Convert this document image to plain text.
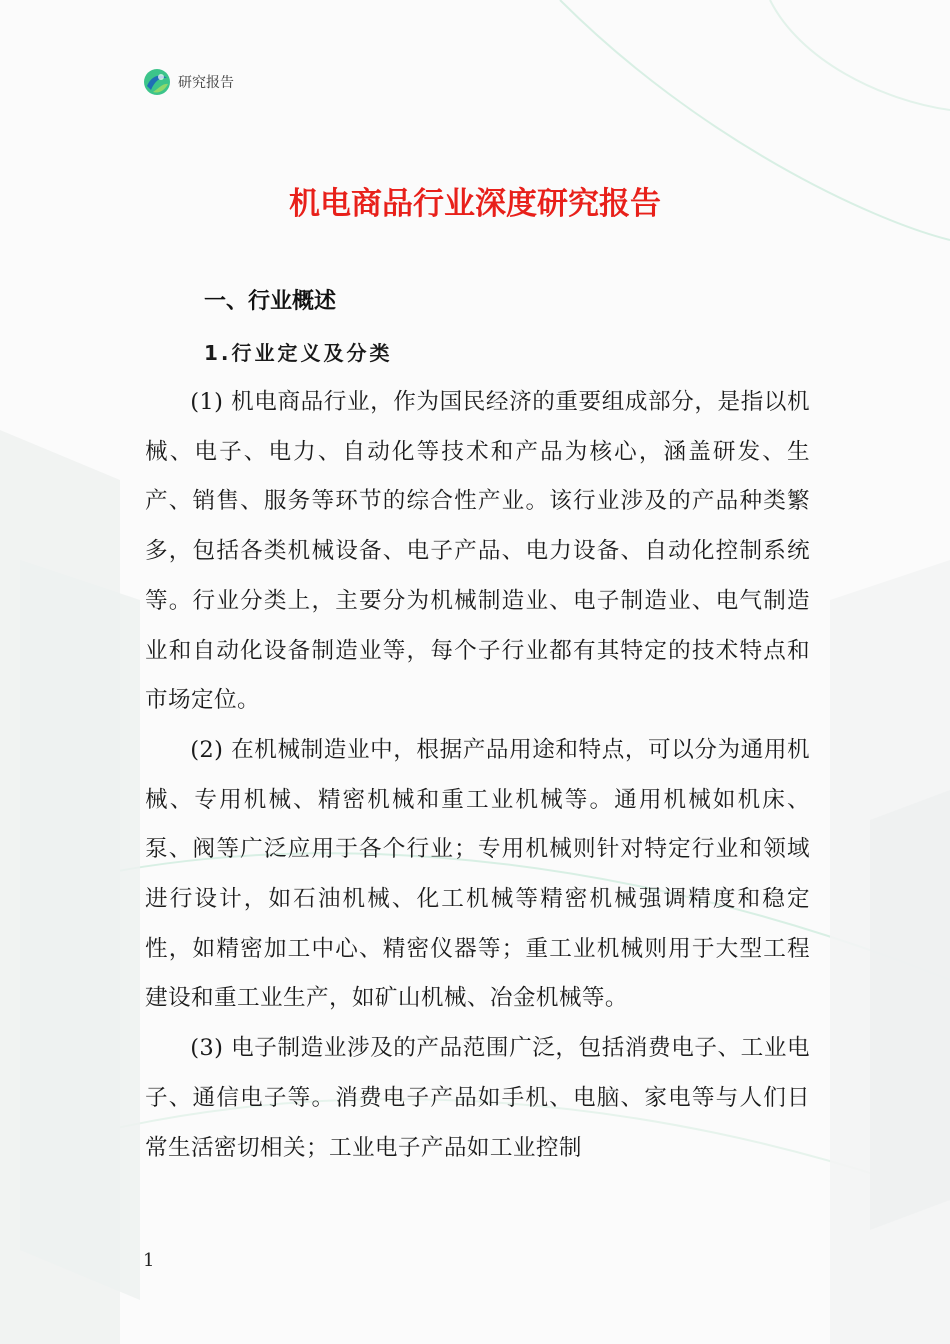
研究报告
机电商品行业深度研究报告
一、行业概述
1.行业定义及分类

(1) 机电商品行业，作为国民经济的重要组成部分，是指以机械、电子、电力、自动化等技术和产品为核心，涵盖研发、生产、销售、服务等环节的综合性产业。该行业涉及的产品种类繁多，包括各类机械设备、电子产品、电力设备、自动化控制系统等。行业分类上，主要分为机械制造业、电子制造业、电气制造业和自动化设备制造业等，每个子行业都有其特定的技术特点和市场定位。

(2) 在机械制造业中，根据产品用途和特点，可以分为通用机械、专用机械、精密机械和重工业机械等。通用机械如机床、泵、阀等广泛应用于各个行业；专用机械则针对特定行业和领域进行设计，如石油机械、化工机械等精密机械强调精度和稳定性，如精密加工中心、精密仪器等；重工业机械则用于大型工程建设和重工业生产，如矿山机械、冶金机械等。

(3) 电子制造业涉及的产品范围广泛，包括消费电子、工业电子、通信电子等。消费电子产品如手机、电脑、家电等与人们日常生活密切相关；工业电子产品如工业控制

1
